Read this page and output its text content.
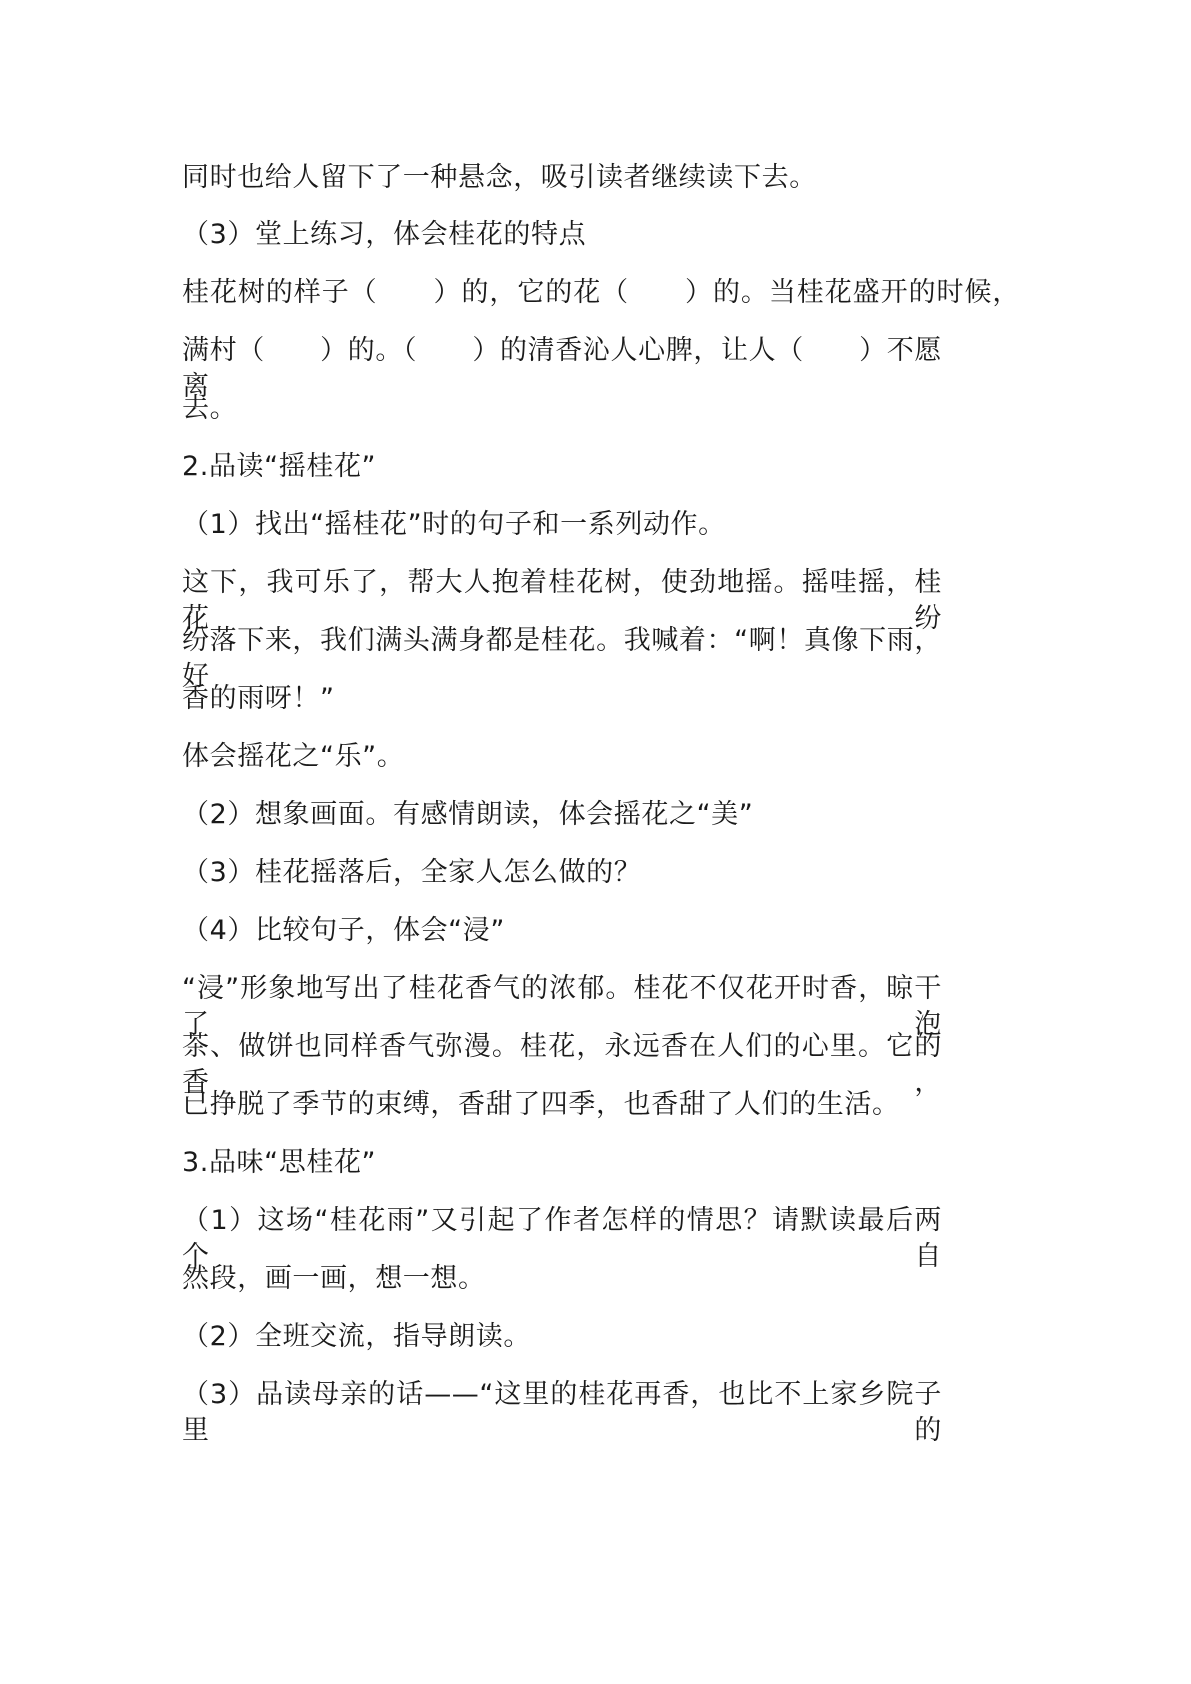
同时也给人留下了一种悬念，吸引读者继续读下去。
（3）堂上练习，体会桂花的特点
桂花树的样子（　　）的，它的花（　　）的。当桂花盛开的时候，
满村（　　）的。（　　）的清香沁人心脾，让人（　　）不愿离
去。
2.品读“摇桂花”
（1）找出“摇桂花”时的句子和一系列动作。
这下，我可乐了，帮大人抱着桂花树，使劲地摇。摇哇摇，桂花纷
纷落下来，我们满头满身都是桂花。我喊着：“啊！真像下雨，好
香的雨呀！”
体会摇花之“乐”。
（2）想象画面。有感情朗读，体会摇花之“美”
（3）桂花摇落后，全家人怎么做的？
（4）比较句子，体会“浸”
“浸”形象地写出了桂花香气的浓郁。桂花不仅花开时香，晾干了泡
茶、做饼也同样香气弥漫。桂花，永远香在人们的心里。它的香，
已挣脱了季节的束缚，香甜了四季，也香甜了人们的生活。
3.品味“思桂花”
（1）这场“桂花雨”又引起了作者怎样的情思？请默读最后两个自
然段，画一画，想一想。
（2）全班交流，指导朗读。
（3）品读母亲的话——“这里的桂花再香，也比不上家乡院子里的
